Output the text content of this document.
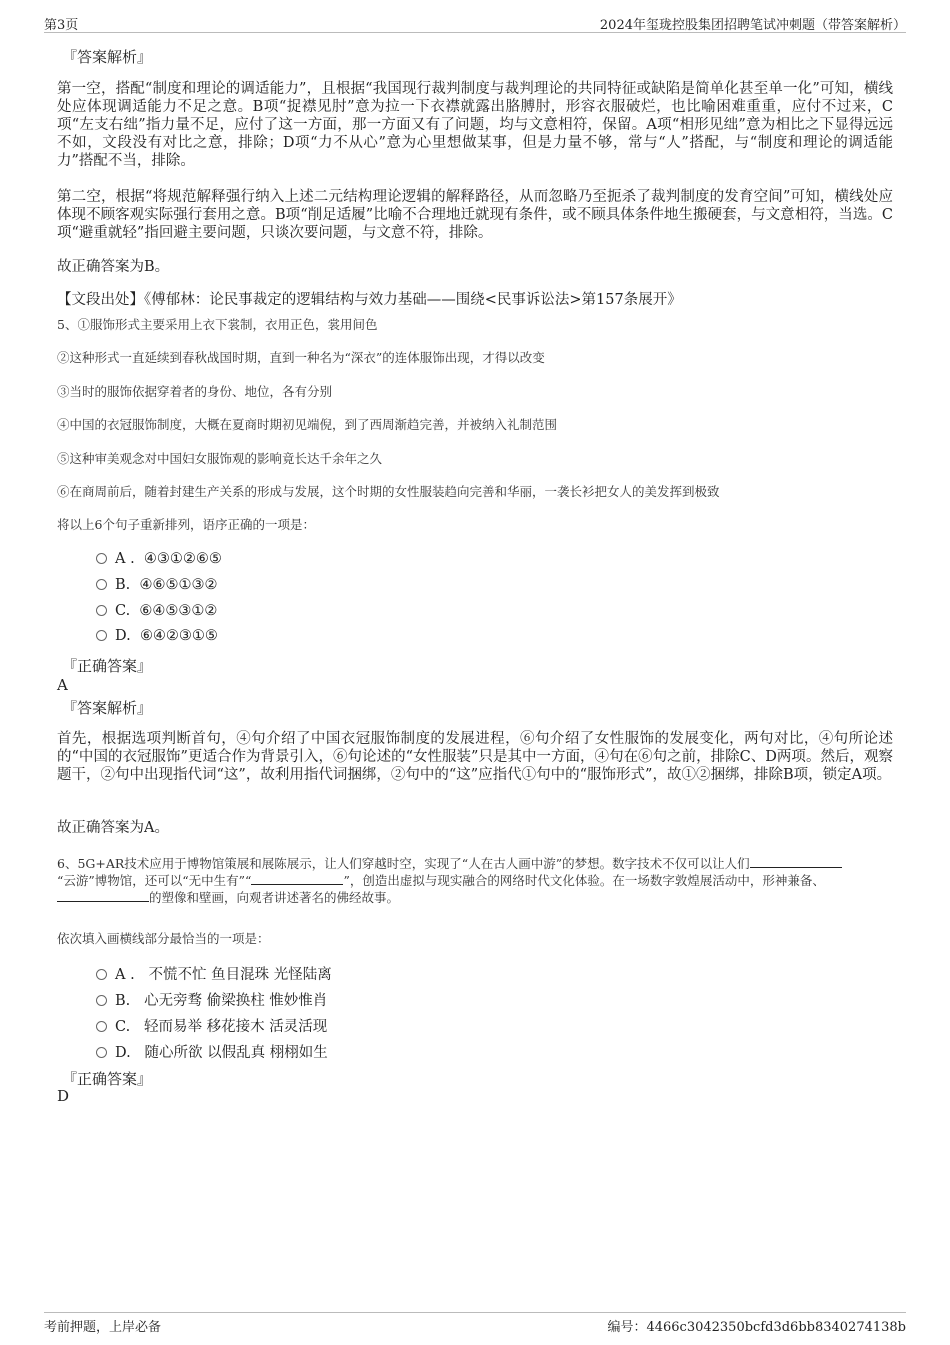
第3页	2024年玺珑控股集团招聘笔试冲刺题（带答案解析）
『答案解析』
第一空，搭配“制度和理论的调适能力”，且根据“我国现行裁判制度与裁判理论的共同特征或缺陷是简单化甚至单一化”可知，横线处应体现调适能力不足之意。B项“捉襟见肘”意为拉一下衣襟就露出胳膊肘，形容衣服破烂，也比喻困难重重，应付不过来，C项“左支右绌”指力量不足，应付了这一方面，那一方面又有了问题，均与文意相符，保留。A项“相形见绌”意为相比之下显得远远不如，文段没有对比之意，排除；D项“力不从心”意为心里想做某事，但是力量不够，常与“人”搭配，与“制度和理论的调适能力”搭配不当，排除。
第二空，根据“将规范解释强行纳入上述二元结构理论逻辑的解释路径，从而忽略乃至扼杀了裁判制度的发育空间”可知，横线处应体现不顾客观实际强行套用之意。B项“削足适履”比喻不合理地迁就现有条件，或不顾具体条件地生搬硬套，与文意相符，当选。C项“避重就轻”指回避主要问题，只谈次要问题，与文意不符，排除。
故正确答案为B。
【文段出处】《傅郁林：论民事裁定的逻辑结构与效力基础——围绕<民事诉讼法>第157条展开》
5、①服饰形式主要采用上衣下裳制，衣用正色，裳用间色
②这种形式一直延续到春秋战国时期，直到一种名为“深衣”的连体服饰出现，才得以改变
③当时的服饰依据穿着者的身份、地位，各有分别
④中国的衣冠服饰制度，大概在夏商时期初见端倪，到了西周渐趋完善，并被纳入礼制范围
⑤这种审美观念对中国妇女服饰观的影响竟长达千余年之久
⑥在商周前后，随着封建生产关系的形成与发展，这个时期的女性服装趋向完善和华丽，一袭长衫把女人的美发挥到极致
将以上6个句子重新排列，语序正确的一项是：
A . ④③①②⑥⑤
B. ④⑥⑤①③②
C. ⑥④⑤③①②
D. ⑥④②③①⑤
『正确答案』
A
『答案解析』
首先，根据选项判断首句，④句介绍了中国衣冠服饰制度的发展进程，⑥句介绍了女性服饰的发展变化，两句对比，④句所论述的“中国的衣冠服饰”更适合作为背景引入，⑥句论述的“女性服装”只是其中一方面，④句在⑥句之前，排除C、D两项。然后，观察题干，②句中出现指代词“这”，故利用指代词捆绑，②句中的“这”应指代①句中的“服饰形式”，故①②捆绑，排除B项，锁定A项。
故正确答案为A。
6、5G+AR技术应用于博物馆策展和展陈展示，让人们穿越时空，实现了“人在古人画中游”的梦想。数字技术不仅可以让人们
“云游”博物馆，还可以“无中生有”“	”，创造出虚拟与现实融合的网络时代文化体验。在一场数字敦煌展活动中，形神兼备、
的塑像和壁画，向观者讲述著名的佛经故事。
依次填入画横线部分最恰当的一项是：
A . 不慌不忙 鱼目混珠 光怪陆离
B. 心无旁骛 偷梁换柱 惟妙惟肖
C. 轻而易举 移花接木 活灵活现
D. 随心所欲 以假乱真 栩栩如生
『正确答案』
D
考前押题，上岸必备	编号：4466c3042350bcfd3d6bb8340274138b
